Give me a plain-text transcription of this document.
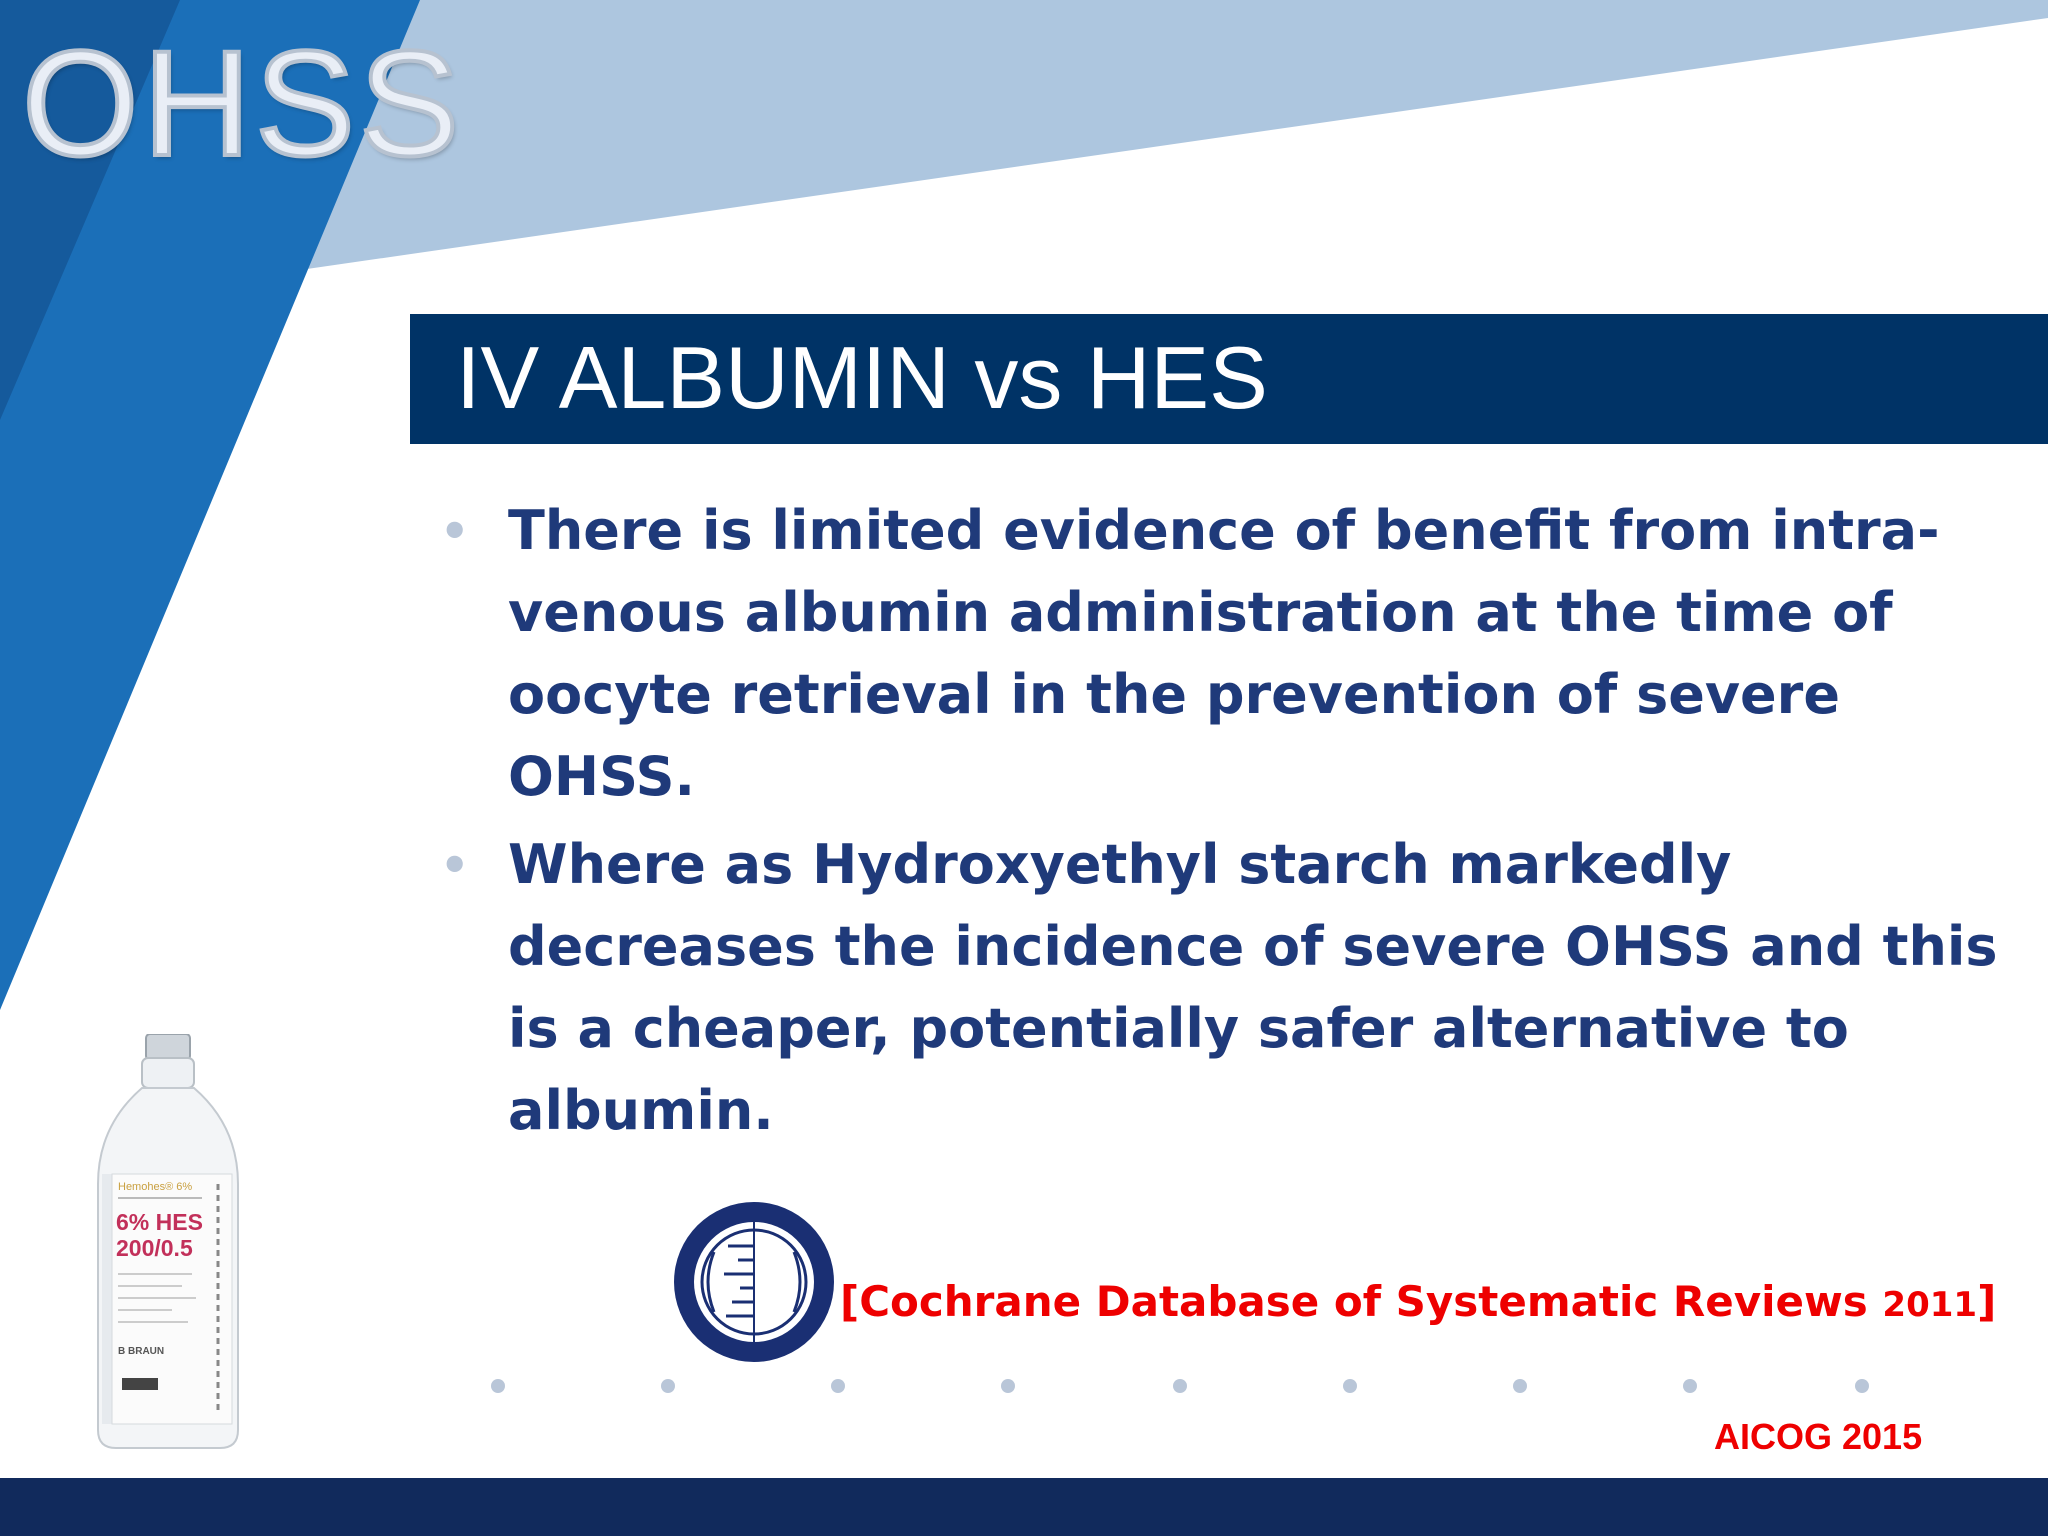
OHSS
IV ALBUMIN vs HES
• There is limited evidence of benefit from intra-venous albumin administration at the time of oocyte retrieval in the prevention of severe OHSS.
• Where as Hydroxyethyl starch markedly decreases the incidence of severe OHSS and this is a cheaper, potentially safer alternative to albumin.
[Cochrane Database of Systematic Reviews 2011]
Hemohes® 6%
6% HES
200/0.5
B BRAUN
AICOG 2015
